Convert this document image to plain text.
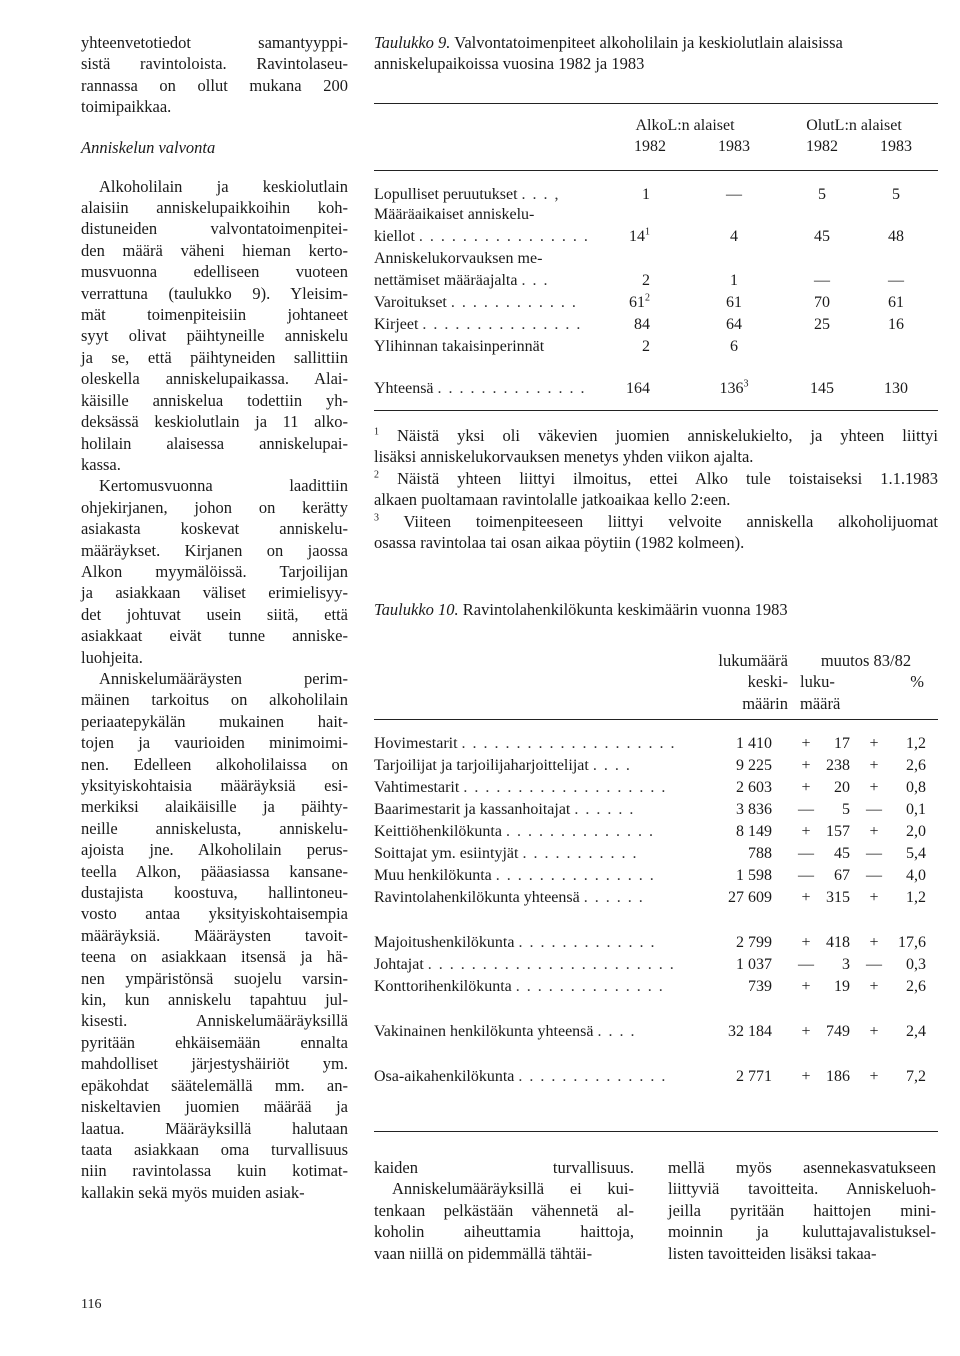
yhteenvetotiedot samantyyppi-
sistä ravintoloista. Ravintolaseu-
rannassa on ollut mukana 200
toimipaikkaa.
Anniskelun valvonta
Alkoholilain ja keskiolutlain
alaisiin anniskelupaikkoihin koh-
distuneiden valvontatoimenpitei-
den määrä väheni hieman kerto-
musvuonna edelliseen vuoteen
verrattuna (taulukko 9). Yleisim-
mät toimenpiteisiin johtaneet
syyt olivat päihtyneille anniskelu
ja se, että päihtyneiden sallittiin
oleskella anniskelupaikassa. Alai-
käisille anniskelua todettiin yh-
deksässä keskiolutlain ja 11 alko-
holilain alaisessa anniskelupai-
kassa.
Kertomusvuonna laadittiin
ohjekirjanen, johon on kerätty
asiakasta koskevat anniskelu-
määräykset. Kirjanen on jaossa
Alkon myymälöissä. Tarjoilijan
ja asiakkaan väliset erimielisyy-
det johtuvat usein siitä, että
asiakkaat eivät tunne anniske-
luohjeita.
Anniskelumääräysten perim-
mäinen tarkoitus on alkoholilain
periaatepykälän mukainen hait-
tojen ja vaurioiden minimoimi-
nen. Edelleen alkoholilaissa on
yksityiskohtaisia määräyksiä esi-
merkiksi alaikäisille ja päihty-
neille anniskelusta, anniskelu-
ajoista jne. Alkoholilain perus-
teella Alkon, pääasiassa kansane-
dustajista koostuva, hallintoneu-
vosto antaa yksityiskohtaisempia
määräyksiä. Määräysten tavoit-
teena on asiakkaan itsensä ja hä-
nen ympäristönsä suojelu varsin-
kin, kun anniskelu tapahtuu jul-
kisesti. Anniskelumääräyksillä
pyritään ehkäisemään ennalta
mahdolliset järjestyshäiriöt ym.
epäkohdat säätelemällä mm. an-
niskeltavien juomien määrää ja
laatua. Määräyksillä halutaan
taata asiakkaan oma turvallisuus
niin ravintolassa kuin kotimat-
kallakin sekä myös muiden asiak-
Taulukko 9. Valvontatoimenpiteet alkoholilain ja keskiolutlain alaisissa
anniskelupaikoissa vuosina 1982 ja 1983
AlkoL:n alaiset	OlutL:n alaiset
1982	1983	1982	1983
Lopulliset peruutukset . . . ,	1	—	5	5
Määräaikaiset anniskelu-
kiellot . . . . . . . . . . . . . . . .	$14^1$	4	45	48
Anniskelukorvauksen me-
nettämiset määräajalta . . .	2	1	—	—
Varoitukset . . . . . . . . . . . .	$61^2$	61	70	61
Kirjeet . . . . . . . . . . . . . . .	84	64	25	16
Ylihinnan takaisinperinnät	2	6
Yhteensä . . . . . . . . . . . . . .	164	$136^3$	145	130
$^1$ Näistä yksi oli väkevien juomien anniskelukielto, ja yhteen liittyi
lisäksi anniskelukorvauksen menetys yhden viikon ajalta.
$^2$ Näistä yhteen liittyi ilmoitus, ettei Alko tule toistaiseksi 1.1.1983
alkaen puoltamaan ravintolalle jatkoaikaa kello 2:een.
$^3$ Viiteen toimenpiteeseen liittyi velvoite anniskella alkoholijuomat
osassa ravintolaa tai osan aikaa pöytiin (1982 kolmeen).
Taulukko 10. Ravintolahenkilökunta keskimäärin vuonna 1983
lukumäärä
keski-
määrin
muutos 83/82
luku-	%
määrä
Hovimestarit . . . . . . . . . . . . . . . . . . . .	1 410 + 17 + 1,2
Tarjoilijat ja tarjoilijaharjoittelijat . . . .	9 225 + 238 + 2,6
Vahtimestarit . . . . . . . . . . . . . . . . . . .	2 603 + 20 + 0,8
Baarimestarit ja kassanhoitajat . . . . . .	3 836 — 5 — 0,1
Keittiöhenkilökunta . . . . . . . . . . . . . .	8 149 + 157 + 2,0
Soittajat ym. esiintyjät . . . . . . . . . . .	788 — 45 — 5,4
Muu henkilökunta . . . . . . . . . . . . . . .	1 598 — 67 — 4,0
Ravintolahenkilökunta yhteensä . . . . . .	27 609 + 315 + 1,2
Majoitushenkilökunta . . . . . . . . . . . . .	2 799 + 418 + 17,6
Johtajat . . . . . . . . . . . . . . . . . . . . . . .	1 037 — 3 — 0,3
Konttorihenkilökunta . . . . . . . . . . . . . .	739 + 19 + 2,6
Vakinainen henkilökunta yhteensä . . . .	32 184 + 749 + 2,4
Osa-aikahenkilökunta . . . . . . . . . . . . . .	2 771 + 186 + 7,2
kaiden turvallisuus.
Anniskelumääräyksillä ei kui-
tenkaan pelkästään vähennetä al-
koholin aiheuttamia haittoja,
vaan niillä on pidemmällä tähtäi-
mellä myös asennekasvatukseen
liittyviä tavoitteita. Anniskeluoh-
jeilla pyritään haittojen mini-
moinnin ja kuluttajavalistuksel-
listen tavoitteiden lisäksi takaa-
116
